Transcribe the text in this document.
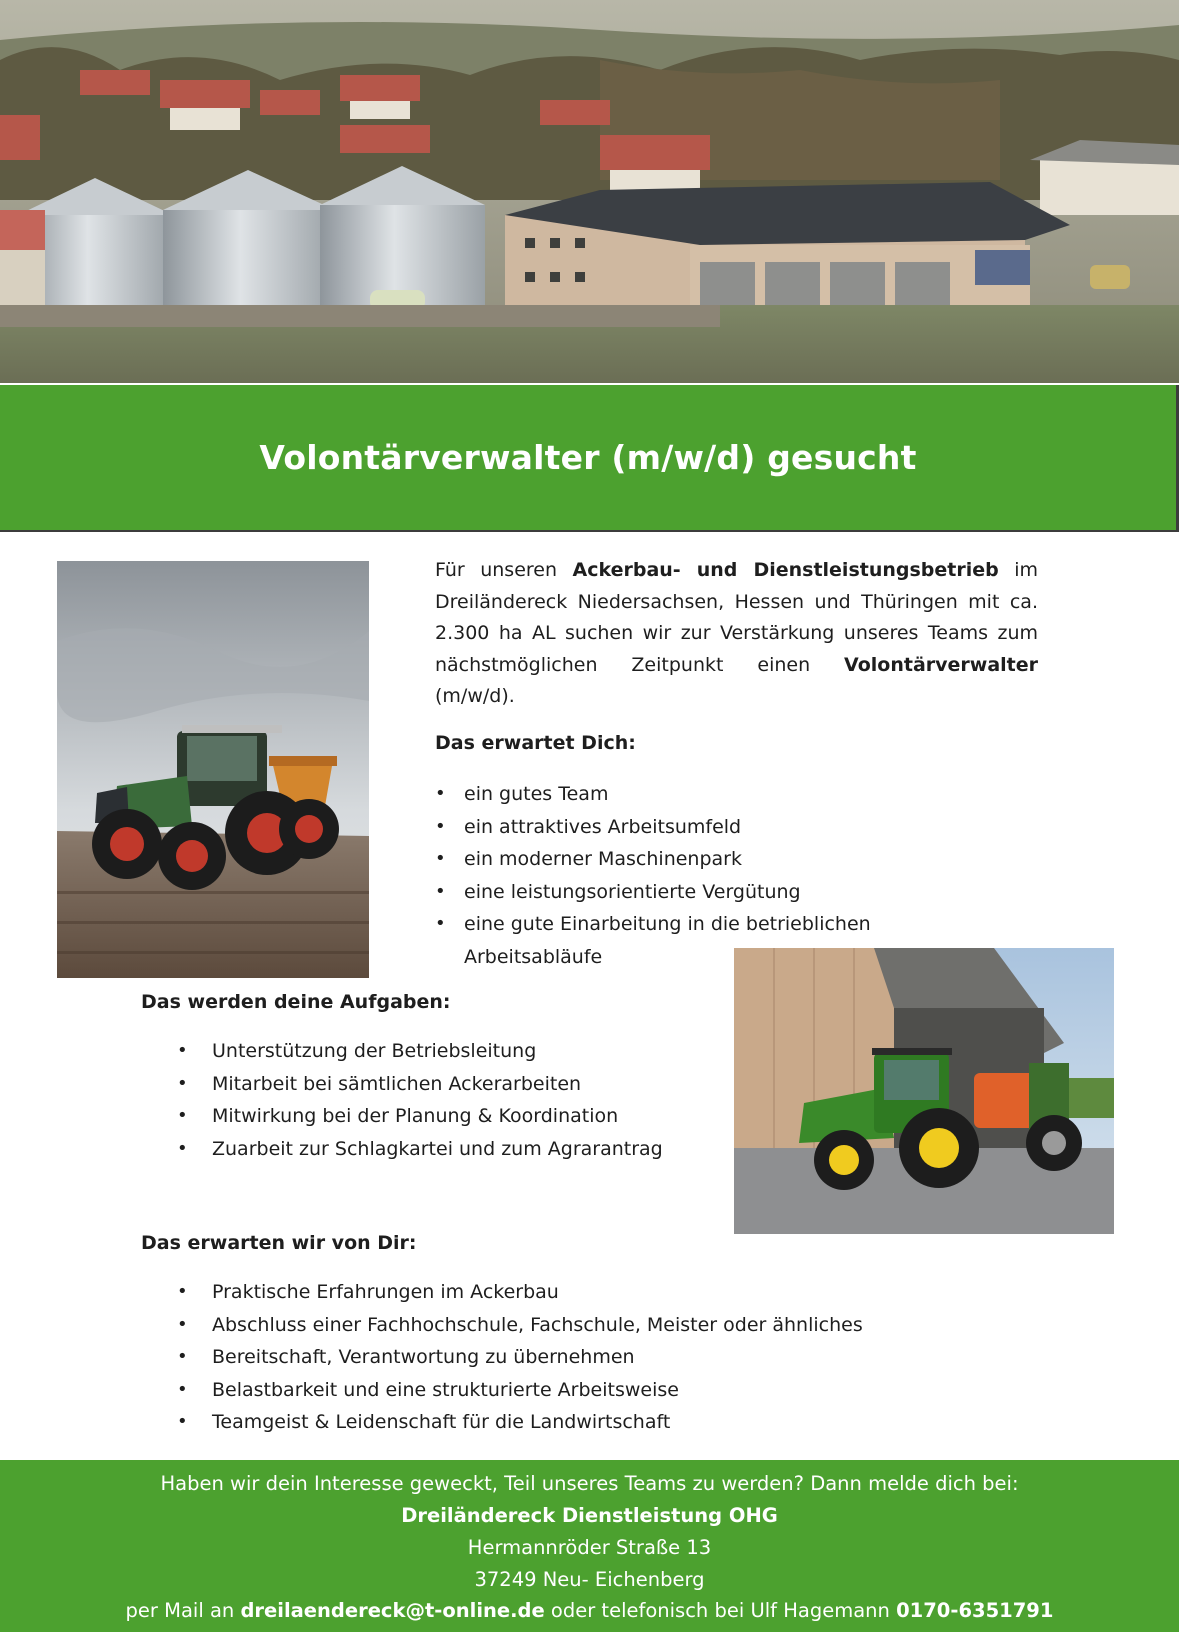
Volontärverwalter (m/w/d) gesucht

Für unseren Ackerbau- und Dienstleistungsbetrieb im Dreiländereck Niedersachsen, Hessen und Thüringen mit ca. 2.300 ha AL suchen wir zur Verstärkung unseres Teams zum nächstmöglichen Zeitpunkt einen Volontärverwalter (m/w/d).

Das erwartet Dich:

• ein gutes Team
• ein attraktives Arbeitsumfeld
• ein moderner Maschinenpark
• eine leistungsorientierte Vergütung
• eine gute Einarbeitung in die betrieblichen Arbeitsabläufe

Das werden deine Aufgaben:

• Unterstützung der Betriebsleitung
• Mitarbeit bei sämtlichen Ackerarbeiten
• Mitwirkung bei der Planung & Koordination
• Zuarbeit zur Schlagkartei und zum Agrarantrag

Das erwarten wir von Dir:

• Praktische Erfahrungen im Ackerbau
• Abschluss einer Fachhochschule, Fachschule, Meister oder ähnliches
• Bereitschaft, Verantwortung zu übernehmen
• Belastbarkeit und eine strukturierte Arbeitsweise
• Teamgeist & Leidenschaft für die Landwirtschaft
Haben wir dein Interesse geweckt, Teil unseres Teams zu werden? Dann melde dich bei:
Dreiländereck Dienstleistung OHG
Hermannröder Straße 13
37249 Neu- Eichenberg
per Mail an dreilaendereck@t-online.de oder telefonisch bei Ulf Hagemann 0170-6351791
